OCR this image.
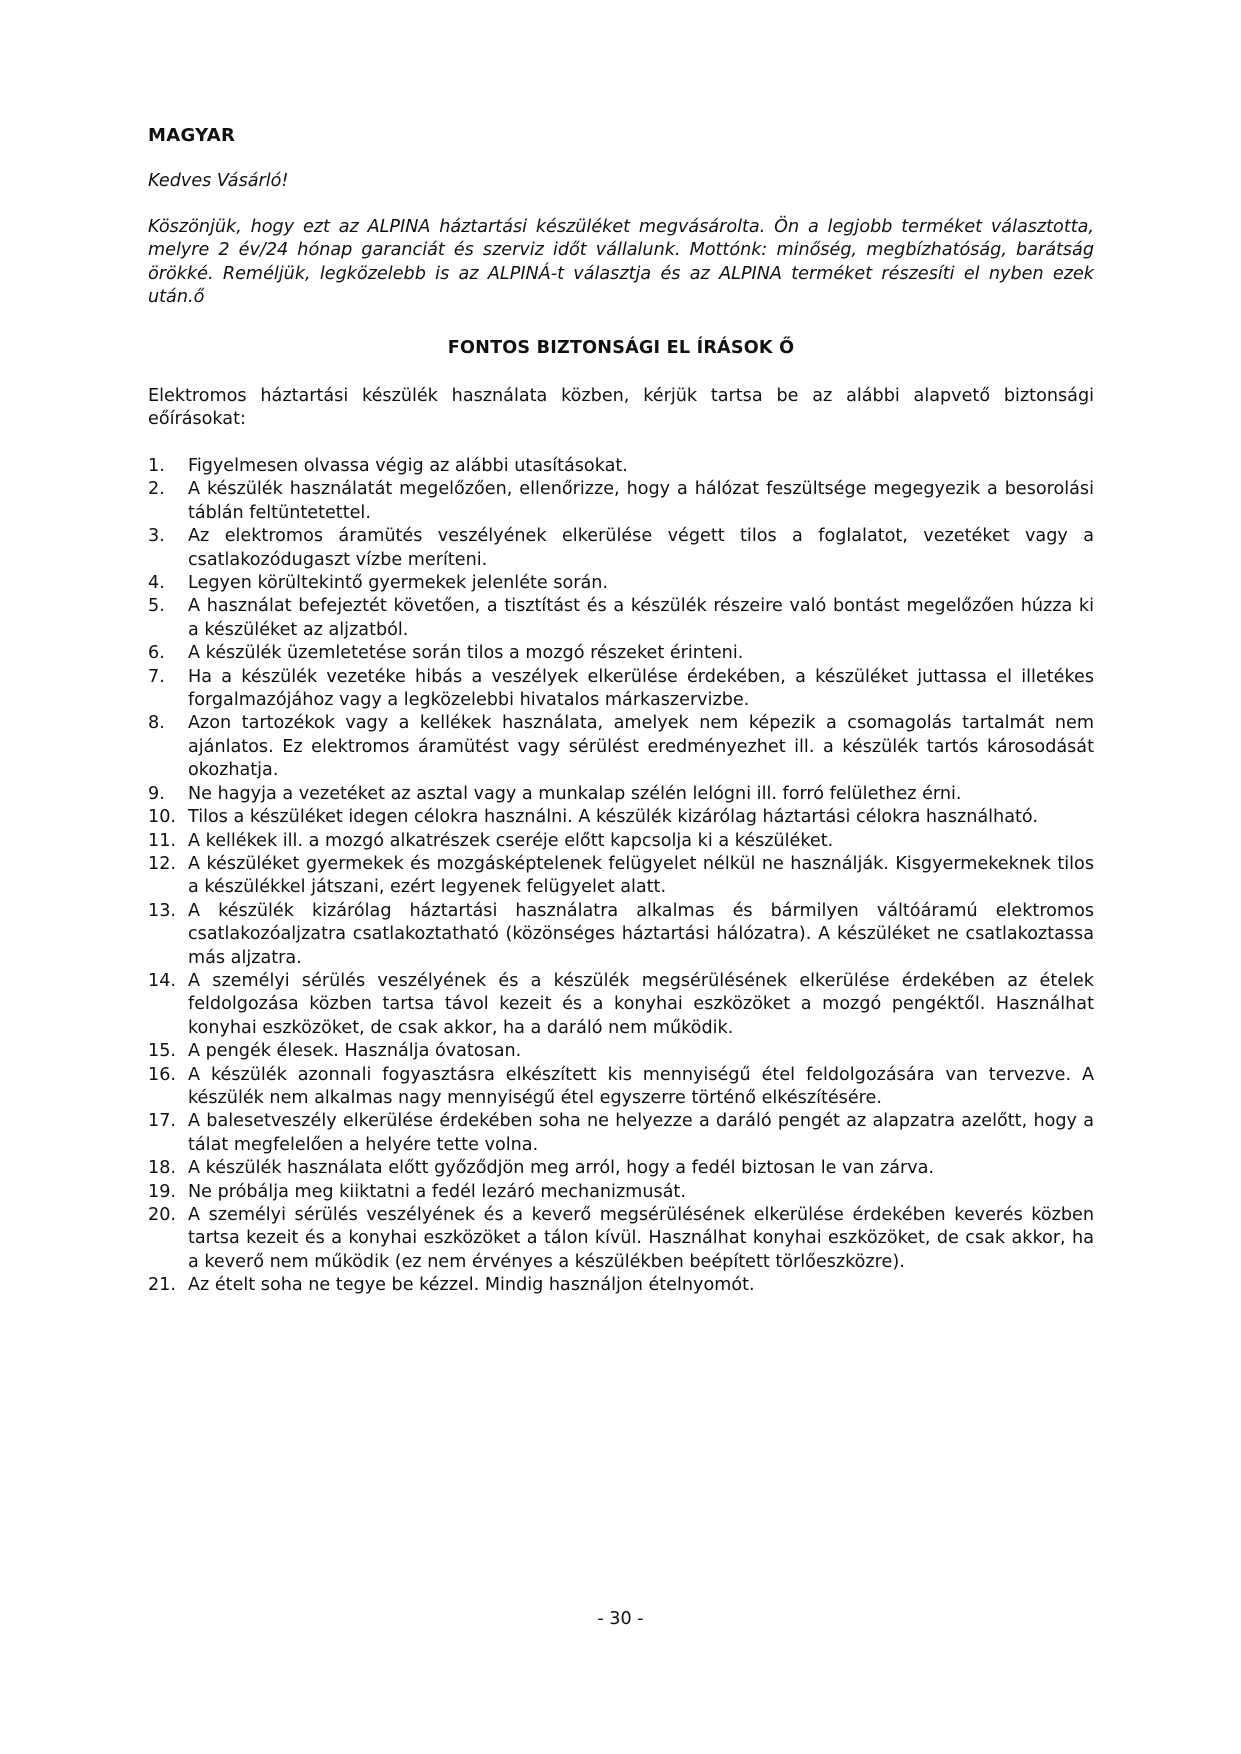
MAGYAR
Kedves Vásárló!
Köszönjük, hogy ezt az ALPINA háztartási készüléket megvásárolta. Ön a legjobb terméket választotta, melyre 2 év/24 hónap garanciát és szerviz időt vállalunk. Mottónk: minőség, megbízhatóság, barátság örökké. Reméljük, legközelebb is az ALPINÁ-t választja és az ALPINA terméket részesíti el nyben ezek után.ő
FONTOS BIZTONSÁGI EL ÍRÁSOK Ő
Elektromos háztartási készülék használata közben, kérjük tartsa be az alábbi alapvető biztonsági eőírásokat:
1. Figyelmesen olvassa végig az alábbi utasításokat.
2. A készülék használatát megelőzően, ellenőrizze, hogy a hálózat feszültsége megegyezik a besorolási táblán feltüntetettel.
3. Az elektromos áramütés veszélyének elkerülése végett tilos a foglalatot, vezetéket vagy a csatlakozódugaszt vízbe meríteni.
4. Legyen körültekintő gyermekek jelenléte során.
5. A használat befejeztét követően, a tisztítást és a készülék részeire való bontást megelőzően húzza ki a készüléket az aljzatból.
6. A készülék üzemletetése során tilos a mozgó részeket érinteni.
7. Ha a készülék vezetéke hibás a veszélyek elkerülése érdekében, a készüléket juttassa el illetékes forgalmazójához vagy a legközelebbi hivatalos márkaszervizbe.
8. Azon tartozékok vagy a kellékek használata, amelyek nem képezik a csomagolás tartalmát nem ajánlatos. Ez elektromos áramütést vagy sérülést eredményezhet ill. a készülék tartós károsodását okozhatja.
9. Ne hagyja a vezetéket az asztal vagy a munkalap szélén lelógni ill. forró felülethez érni.
10. Tilos a készüléket idegen célokra használni. A készülék kizárólag háztartási célokra használható.
11. A kellékek ill. a mozgó alkatrészek cseréje előtt kapcsolja ki a készüléket.
12. A készüléket gyermekek és mozgásképtelenek felügyelet nélkül ne használják. Kisgyermekeknek tilos a készülékkel játszani, ezért legyenek felügyelet alatt.
13. A készülék kizárólag háztartási használatra alkalmas és bármilyen váltóáramú elektromos csatlakozóaljzatra csatlakoztatható (közönséges háztartási hálózatra). A készüléket ne csatlakoztassa más aljzatra.
14. A személyi sérülés veszélyének és a készülék megsérülésének elkerülése érdekében az ételek feldolgozása közben tartsa távol kezeit és a konyhai eszközöket a mozgó pengéktől. Használhat konyhai eszközöket, de csak akkor, ha a daráló nem működik.
15. A pengék élesek. Használja óvatosan.
16. A készülék azonnali fogyasztásra elkészített kis mennyiségű étel feldolgozására van tervezve. A készülék nem alkalmas nagy mennyiségű étel egyszerre történő elkészítésére.
17. A balesetveszély elkerülése érdekében soha ne helyezze a daráló pengét az alapzatra azelőtt, hogy a tálat megfelelően a helyére tette volna.
18. A készülék használata előtt győződjön meg arról, hogy a fedél biztosan le van zárva.
19. Ne próbálja meg kiiktatni a fedél lezáró mechanizmusát.
20. A személyi sérülés veszélyének és a keverő megsérülésének elkerülése érdekében keverés közben tartsa kezeit és a konyhai eszközöket a tálon kívül. Használhat konyhai eszközöket, de csak akkor, ha a keverő nem működik (ez nem érvényes a készülékben beépített törlőeszközre).
21. Az ételt soha ne tegye be kézzel. Mindig használjon ételnyomót.
- 30 -
